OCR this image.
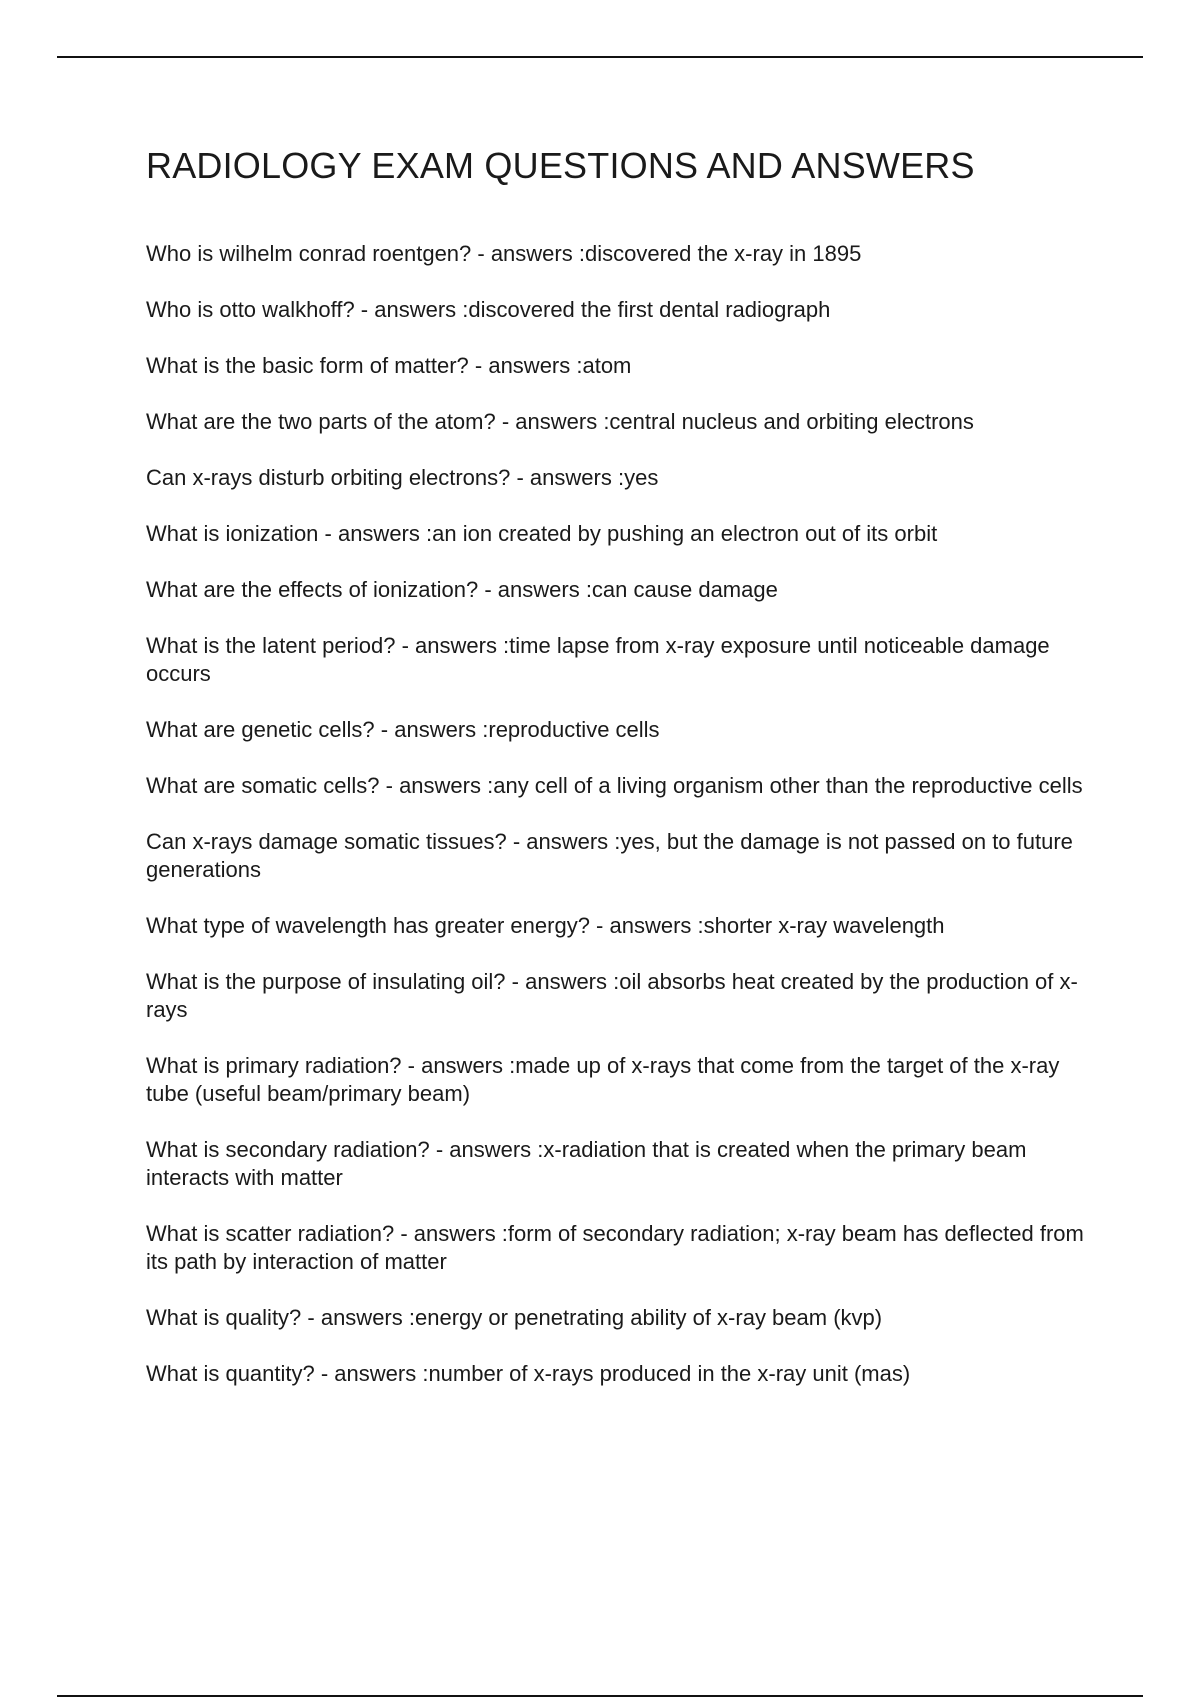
RADIOLOGY EXAM QUESTIONS AND ANSWERS
Who is wilhelm conrad roentgen? - answers :discovered the x-ray in 1895
Who is otto walkhoff? - answers :discovered the first dental radiograph
What is the basic form of matter? - answers :atom
What are the two parts of the atom? - answers :central nucleus and orbiting electrons
Can x-rays disturb orbiting electrons? - answers :yes
What is ionization - answers :an ion created by pushing an electron out of its orbit
What are the effects of ionization? - answers :can cause damage
What is the latent period? - answers :time lapse from x-ray exposure until noticeable damage occurs
What are genetic cells? - answers :reproductive cells
What are somatic cells? - answers :any cell of a living organism other than the reproductive cells
Can x-rays damage somatic tissues? - answers :yes, but the damage is not passed on to future generations
What type of wavelength has greater energy? - answers :shorter x-ray wavelength
What is the purpose of insulating oil? - answers :oil absorbs heat created by the production of x-rays
What is primary radiation? - answers :made up of x-rays that come from the target of the x-ray tube (useful beam/primary beam)
What is secondary radiation? - answers :x-radiation that is created when the primary beam interacts with matter
What is scatter radiation? - answers :form of secondary radiation; x-ray beam has deflected from its path by interaction of matter
What is quality? - answers :energy or penetrating ability of x-ray beam (kvp)
What is quantity? - answers :number of x-rays produced in the x-ray unit (mas)
